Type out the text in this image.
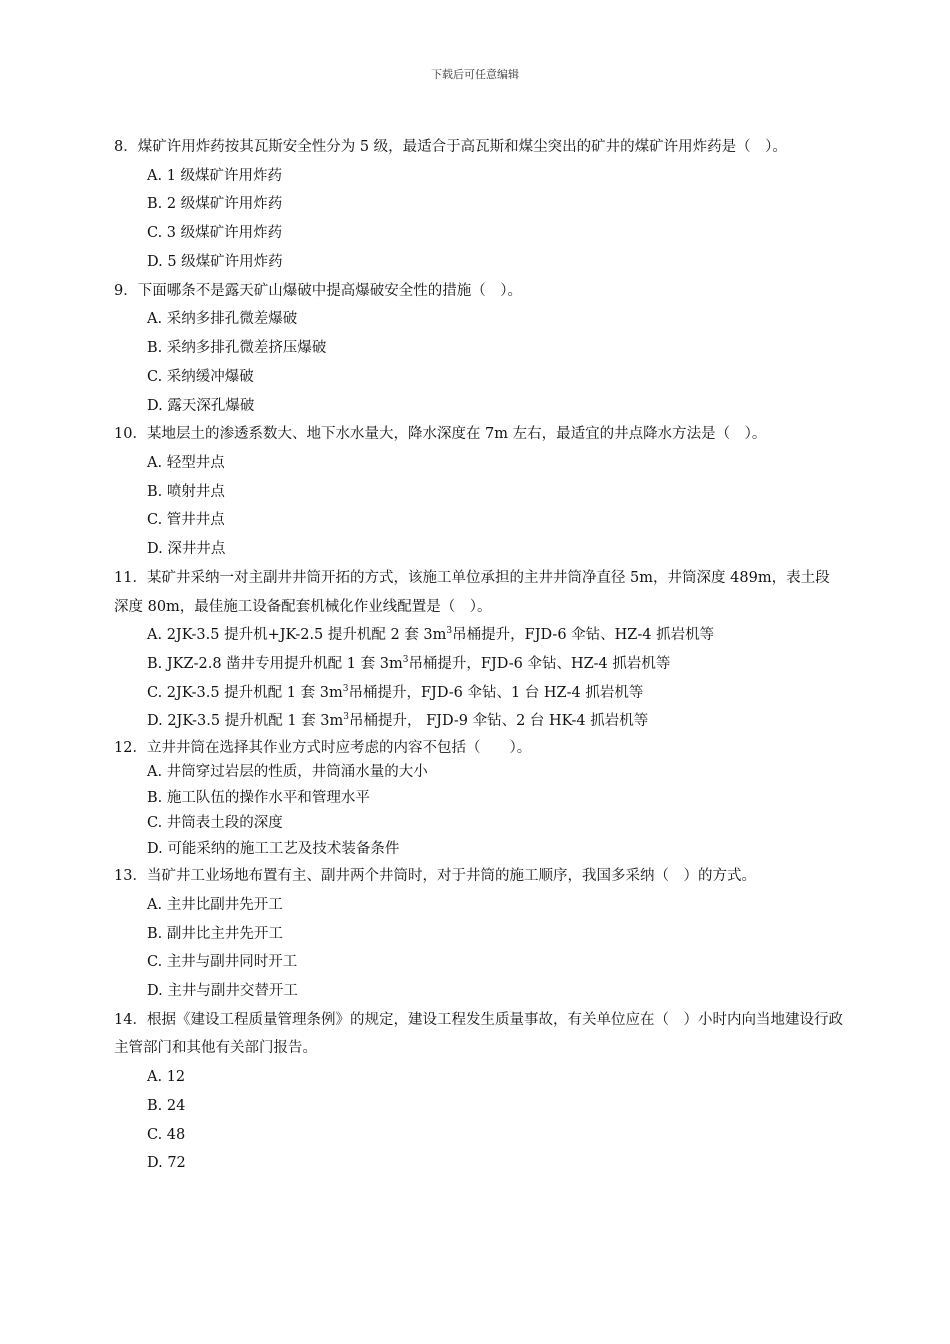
下载后可任意编辑

8．煤矿许用炸药按其瓦斯安全性分为 5 级，最适合于高瓦斯和煤尘突出的矿井的煤矿许用炸药是（　）。

A. 1 级煤矿许用炸药

B. 2 级煤矿许用炸药

C. 3 级煤矿许用炸药

D. 5 级煤矿许用炸药

9．下面哪条不是露天矿山爆破中提高爆破安全性的措施（　）。

A. 采纳多排孔微差爆破

B. 采纳多排孔微差挤压爆破

C. 采纳缓冲爆破

D. 露天深孔爆破

10．某地层土的渗透系数大、地下水水量大，降水深度在 7m 左右，最适宜的井点降水方法是（　）。

A. 轻型井点

B. 喷射井点

C. 管井井点

D. 深井井点

11．某矿井采纳一对主副井井筒开拓的方式，该施工单位承担的主井井筒净直径 5m，井筒深度 489m，表土段深度 80m，最佳施工设备配套机械化作业线配置是（　）。

A. 2JK-3.5 提升机+JK-2.5 提升机配 2 套 $3m^3$吊桶提升，FJD-6 伞钻、HZ-4 抓岩机等

B. JKZ-2.8 凿井专用提升机配 1 套 $3m^3$吊桶提升，FJD-6 伞钻、HZ-4 抓岩机等

C. 2JK-3.5 提升机配 1 套 $3m^3$吊桶提升，FJD-6 伞钻、1 台 HZ-4 抓岩机等

D. 2JK-3.5 提升机配 1 套 $3m^3$吊桶提升， FJD-9 伞钻、2 台 HK-4 抓岩机等

12．立井井筒在选择其作业方式时应考虑的内容不包括（　　）。

A. 井筒穿过岩层的性质，井筒涌水量的大小

B. 施工队伍的操作水平和管理水平

C. 井筒表土段的深度

D. 可能采纳的施工工艺及技术装备条件

13．当矿井工业场地布置有主、副井两个井筒时，对于井筒的施工顺序，我国多采纳（　）的方式。

A. 主井比副井先开工

B. 副井比主井先开工

C. 主井与副井同时开工

D. 主井与副井交替开工

14．根据《建设工程质量管理条例》的规定，建设工程发生质量事故，有关单位应在（　）小时内向当地建设行政主管部门和其他有关部门报告。

A. 12

B. 24

C. 48

D. 72
